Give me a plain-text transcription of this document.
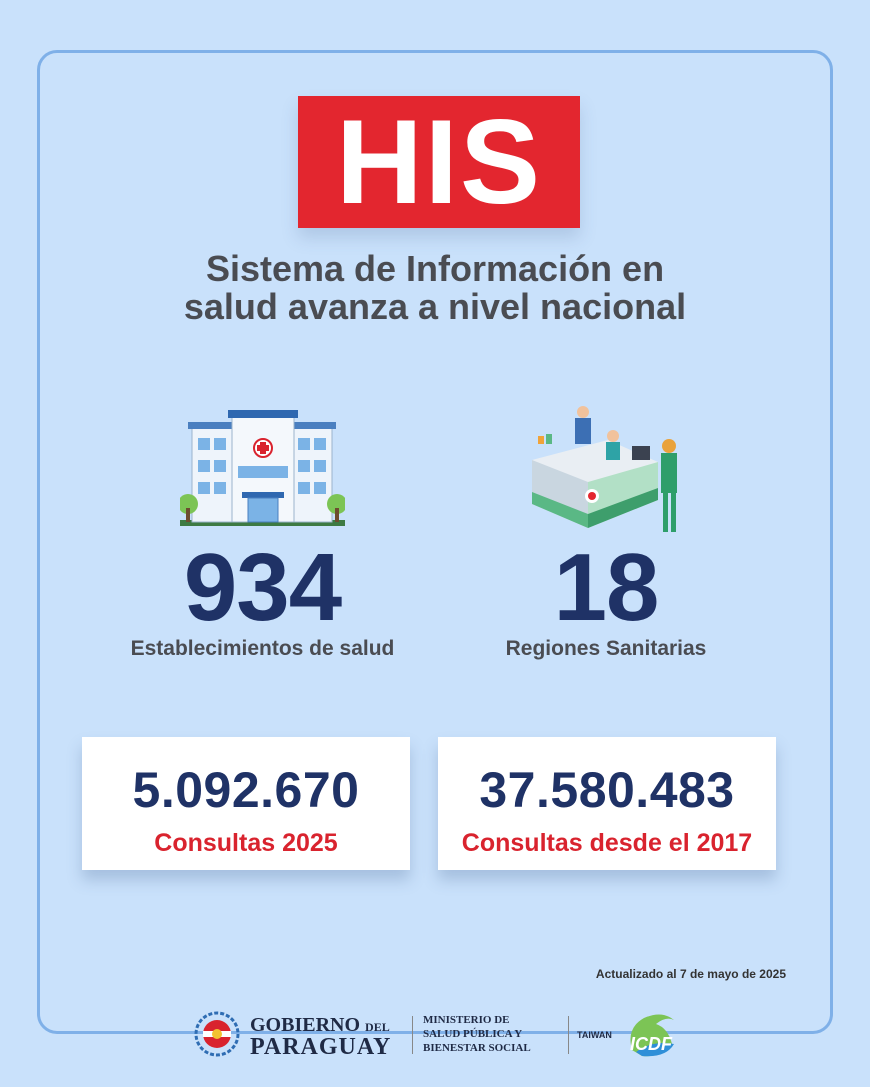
HIS
Sistema de Información en
salud avanza a nivel nacional
934	18
Establecimientos de salud	Regiones Sanitarias
5.092.670
Consultas 2025
37.580.483
Consultas desde el 2017
Actualizado al 7 de mayo de 2025
GOBIERNO DEL
PARAGUAY
MINISTERIO DE
SALUD PÚBLICA Y
BIENESTAR SOCIAL
TAIWAN ICDF
